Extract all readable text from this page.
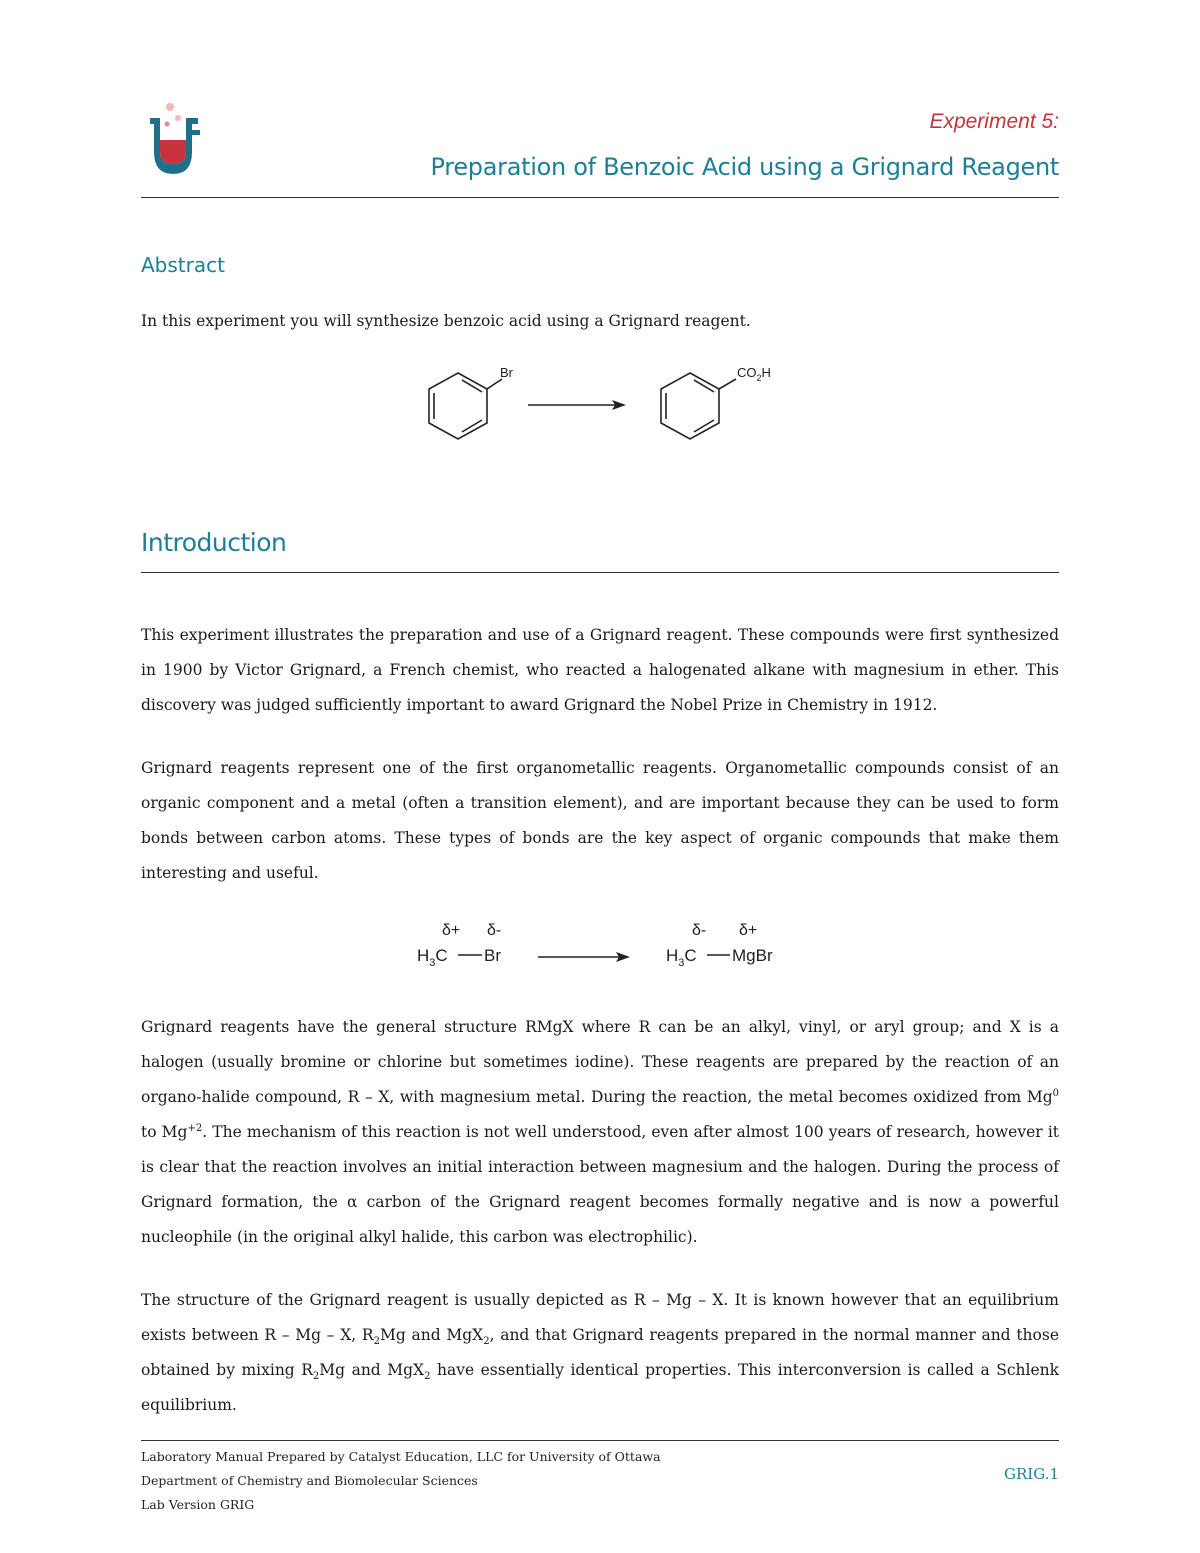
Experiment 5:
Preparation of Benzoic Acid using a Grignard Reagent
Abstract
In this experiment you will synthesize benzoic acid using a Grignard reagent.
Br	$CO_2H$
Introduction

This experiment illustrates the preparation and use of a Grignard reagent. These compounds were first synthesized in 1900 by Victor Grignard, a French chemist, who reacted a halogenated alkane with magnesium in ether. This discovery was judged sufficiently important to award Grignard the Nobel Prize in Chemistry in 1912.

Grignard reagents represent one of the first organometallic reagents. Organometallic compounds consist of an organic component and a metal (often a transition element), and are important because they can be used to form bonds between carbon atoms. These types of bonds are the key aspect of organic compounds that make them interesting and useful.

δ+ δ-
$H_3C$ Br
δ- δ+
$H_3C$ MgBr

Grignard reagents have the general structure RMgX where R can be an alkyl, vinyl, or aryl group; and X is a halogen (usually bromine or chlorine but sometimes iodine). These reagents are prepared by the reaction of an organo-halide compound, R – X, with magnesium metal. During the reaction, the metal becomes oxidized from Mg$^0$ to $Mg^{+2}$. The mechanism of this reaction is not well understood, even after almost 100 years of research, however it is clear that the reaction involves an initial interaction between magnesium and the halogen. During the process of Grignard formation, the α carbon of the Grignard reagent becomes formally negative and is now a powerful nucleophile (in the original alkyl halide, this carbon was electrophilic).

The structure of the Grignard reagent is usually depicted as R – Mg – X. It is known however that an equilibrium exists between R – Mg – X, $R_2Mg$ and MgX$_2$, and that Grignard reagents prepared in the normal manner and those obtained by mixing $R_2Mg$ and MgX$_2$ have essentially identical properties. This interconversion is called a Schlenk equilibrium.

Laboratory Manual Prepared by Catalyst Education, LLC for University of Ottawa
Department of Chemistry and Biomolecular Sciences
Lab Version GRIG
GRIG.1
